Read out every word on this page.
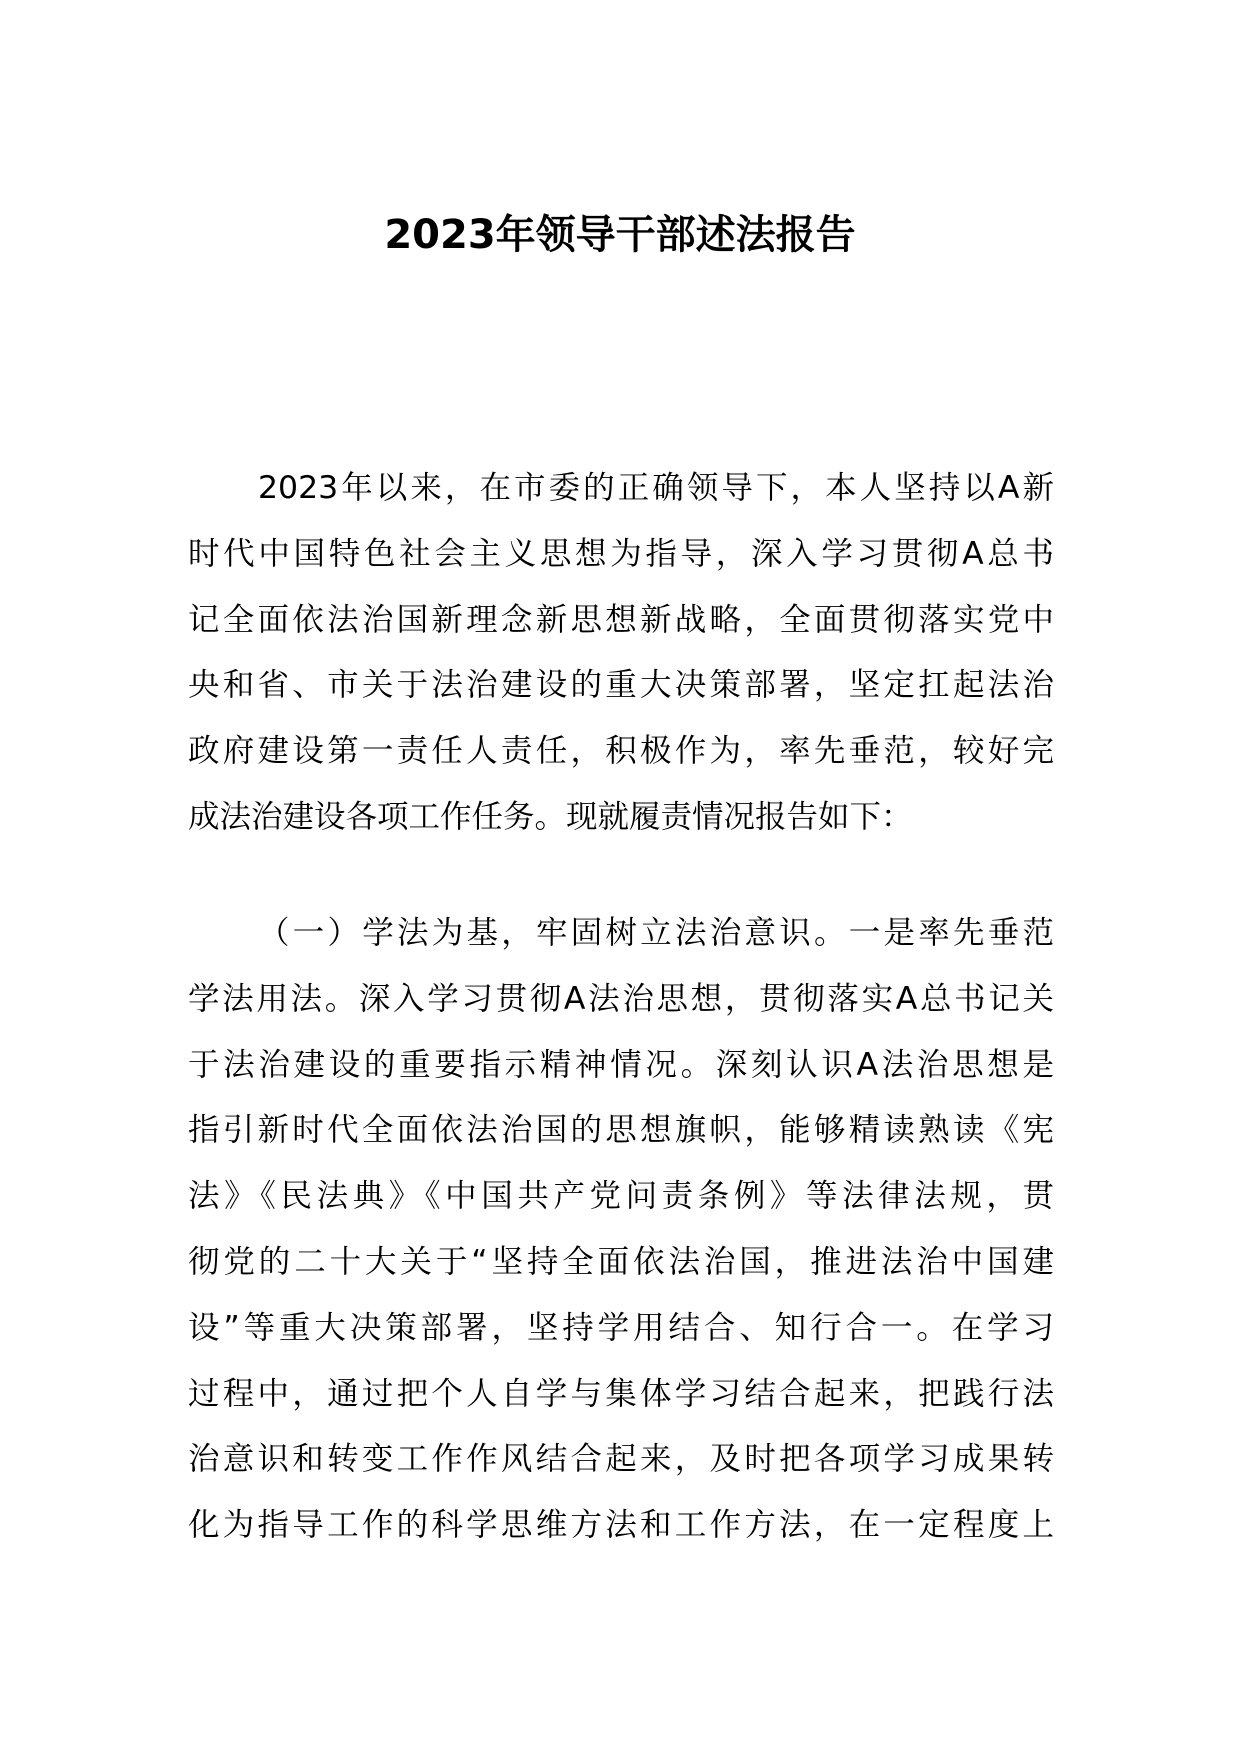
2023年领导干部述法报告
2023年以来，在市委的正确领导下，本人坚持以A新
时代中国特色社会主义思想为指导，深入学习贯彻A总书
记全面依法治国新理念新思想新战略，全面贯彻落实党中
央和省、市关于法治建设的重大决策部署，坚定扛起法治
政府建设第一责任人责任，积极作为，率先垂范，较好完
成法治建设各项工作任务。现就履责情况报告如下：
（一）学法为基，牢固树立法治意识。一是率先垂范
学法用法。深入学习贯彻A法治思想，贯彻落实A总书记关
于法治建设的重要指示精神情况。深刻认识A法治思想是
指引新时代全面依法治国的思想旗帜，能够精读熟读《宪
法》《民法典》《中国共产党问责条例》等法律法规，贯
彻党的二十大关于“坚持全面依法治国，推进法治中国建
设”等重大决策部署，坚持学用结合、知行合一。在学习
过程中，通过把个人自学与集体学习结合起来，把践行法
治意识和转变工作作风结合起来，及时把各项学习成果转
化为指导工作的科学思维方法和工作方法，在一定程度上
